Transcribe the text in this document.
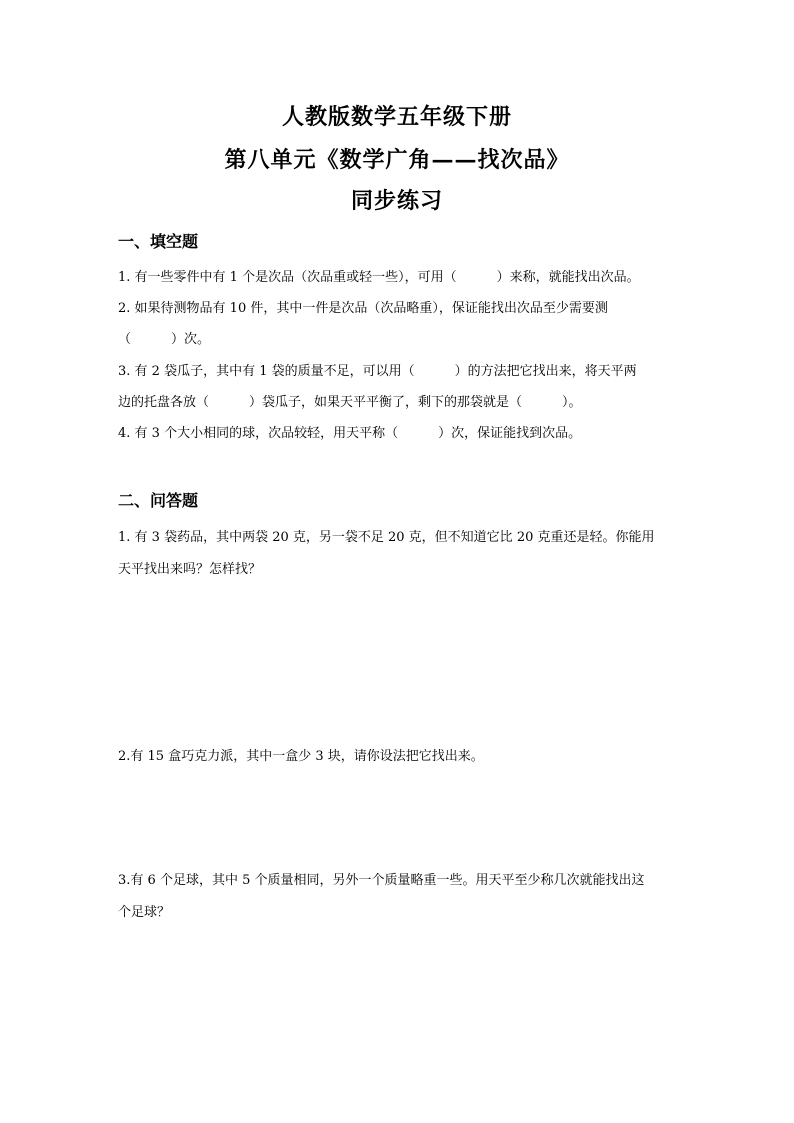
人教版数学五年级下册
第八单元《数学广角——找次品》
同步练习
一、填空题
1. 有一些零件中有 1 个是次品（次品重或轻一些），可用（	）来称，就能找出次品。
2. 如果待测物品有 10 件，其中一件是次品（次品略重），保证能找出次品至少需要测
（	）次。
3. 有 2 袋瓜子，其中有 1 袋的质量不足，可以用（	）的方法把它找出来，将天平两
边的托盘各放（	）袋瓜子，如果天平平衡了，剩下的那袋就是（	）。
4. 有 3 个大小相同的球，次品较轻，用天平称（	）次，保证能找到次品。
二、问答题
1. 有 3 袋药品，其中两袋 20 克，另一袋不足 20 克，但不知道它比 20 克重还是轻。你能用
天平找出来吗？怎样找？
2.有 15 盒巧克力派，其中一盒少 3 块，请你设法把它找出来。
3.有 6 个足球，其中 5 个质量相同，另外一个质量略重一些。用天平至少称几次就能找出这
个足球？
